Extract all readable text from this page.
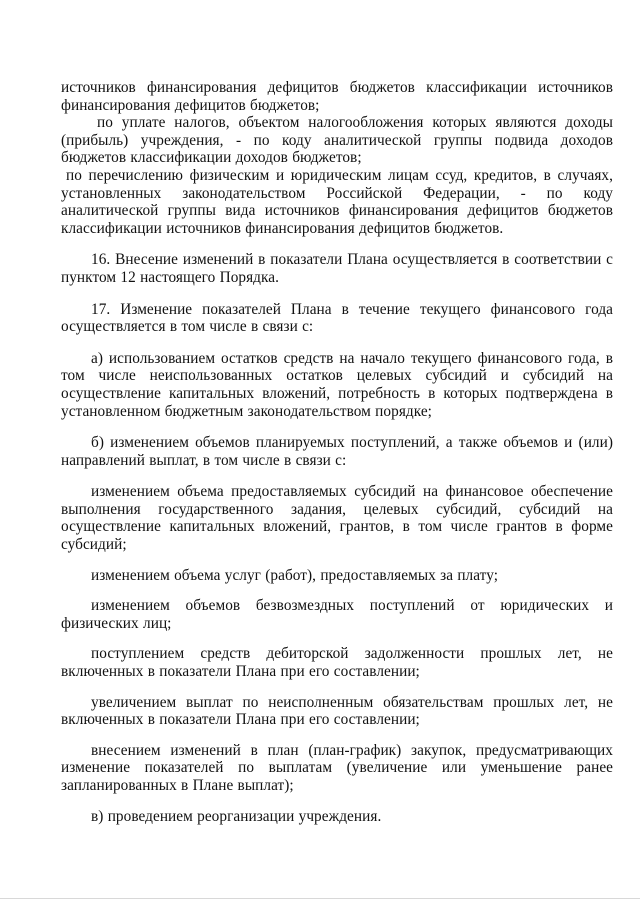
источников финансирования дефицитов бюджетов классификации источников финансирования дефицитов бюджетов;

по уплате налогов, объектом налогообложения которых являются доходы (прибыль) учреждения, - по коду аналитической группы подвида доходов бюджетов классификации доходов бюджетов;

по перечислению физическим и юридическим лицам ссуд, кредитов, в случаях, установленных законодательством Российской Федерации, - по коду аналитической группы вида источников финансирования дефицитов бюджетов классификации источников финансирования дефицитов бюджетов.

16. Внесение изменений в показатели Плана осуществляется в соответствии с пунктом 12 настоящего Порядка.

17. Изменение показателей Плана в течение текущего финансового года осуществляется в том числе в связи с:

а) использованием остатков средств на начало текущего финансового года, в том числе неиспользованных остатков целевых субсидий и субсидий на осуществление капитальных вложений, потребность в которых подтверждена в установленном бюджетным законодательством порядке;

б) изменением объемов планируемых поступлений, а также объемов и (или) направлений выплат, в том числе в связи с:

изменением объема предоставляемых субсидий на финансовое обеспечение выполнения государственного задания, целевых субсидий, субсидий на осуществление капитальных вложений, грантов, в том числе грантов в форме субсидий;

изменением объема услуг (работ), предоставляемых за плату;

изменением объемов безвозмездных поступлений от юридических и физических лиц;

поступлением средств дебиторской задолженности прошлых лет, не включенных в показатели Плана при его составлении;

увеличением выплат по неисполненным обязательствам прошлых лет, не включенных в показатели Плана при его составлении;

внесением изменений в план (план-график) закупок, предусматривающих изменение показателей по выплатам (увеличение или уменьшение ранее запланированных в Плане выплат);

в) проведением реорганизации учреждения.
